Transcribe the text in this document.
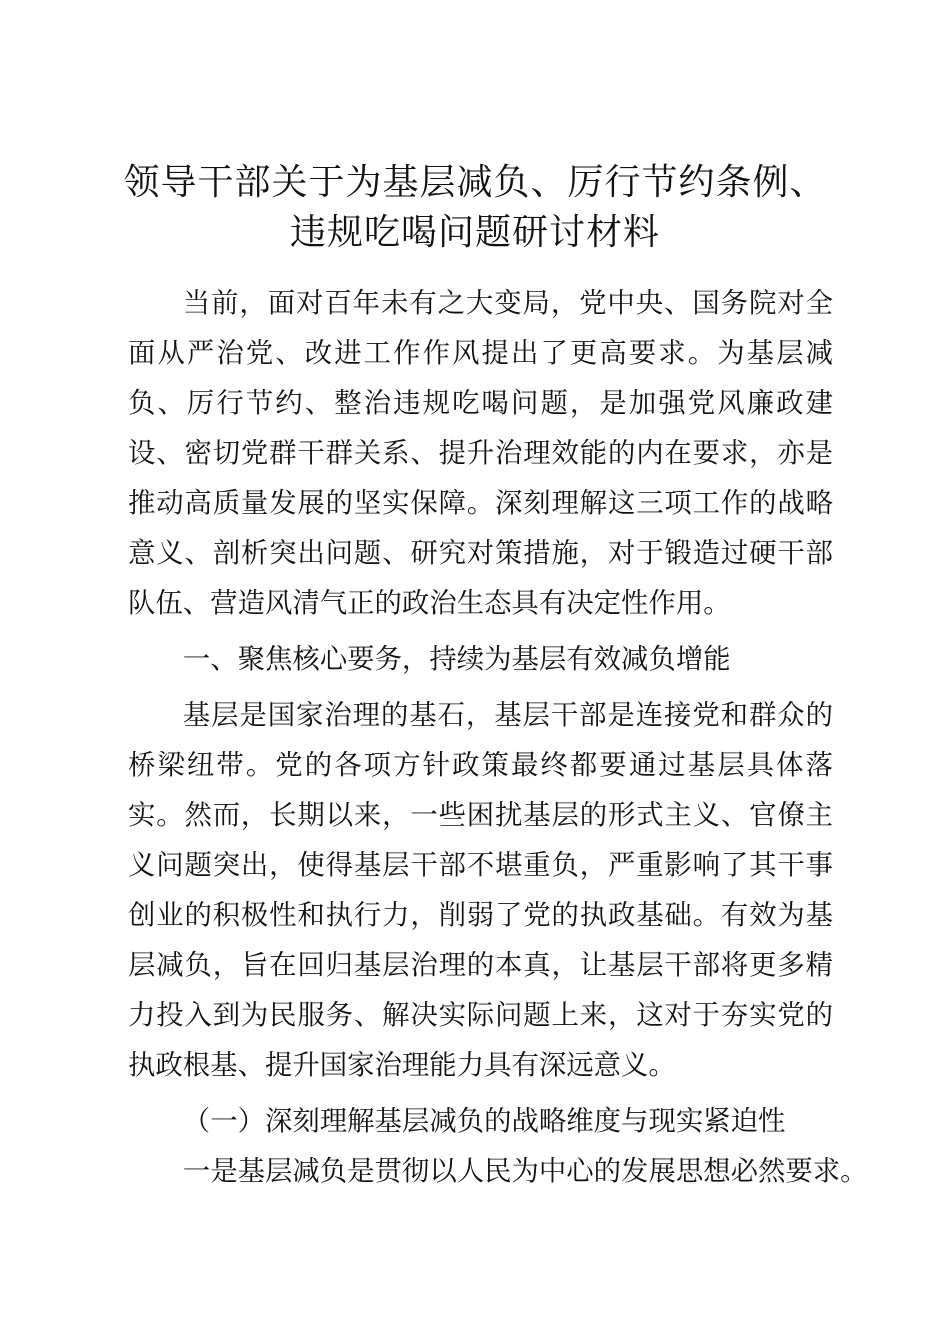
领导干部关于为基层减负、厉行节约条例、违规吃喝问题研讨材料

当前，面对百年未有之大变局，党中央、国务院对全面从严治党、改进工作作风提出了更高要求。为基层减负、厉行节约、整治违规吃喝问题，是加强党风廉政建设、密切党群干群关系、提升治理效能的内在要求，亦是推动高质量发展的坚实保障。深刻理解这三项工作的战略意义、剖析突出问题、研究对策措施，对于锻造过硬干部队伍、营造风清气正的政治生态具有决定性作用。

一、聚焦核心要务，持续为基层有效减负增能

基层是国家治理的基石，基层干部是连接党和群众的桥梁纽带。党的各项方针政策最终都要通过基层具体落实。然而，长期以来，一些困扰基层的形式主义、官僚主义问题突出，使得基层干部不堪重负，严重影响了其干事创业的积极性和执行力，削弱了党的执政基础。有效为基层减负，旨在回归基层治理的本真，让基层干部将更多精力投入到为民服务、解决实际问题上来，这对于夯实党的执政根基、提升国家治理能力具有深远意义。

（一）深刻理解基层减负的战略维度与现实紧迫性

一是基层减负是贯彻以人民为中心的发展思想必然要求。
